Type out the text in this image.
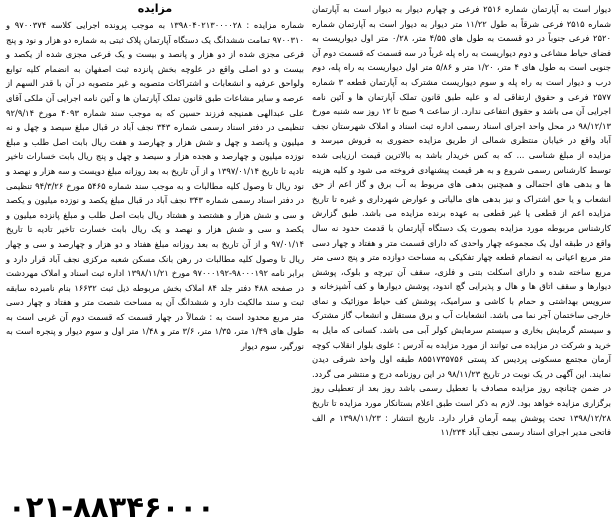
دیوار است به آپارتمان شماره ۲۵۱۶ فرعی و چهارم دیوار به دیوار است به آپارتمان شماره ۲۵۱۵ فرعی شرقاً به طول ۱۱/۲۲ متر دیوار به دیوار است به آپارتمان شماره ۲۵۲۰ فرعی جنوباً در دو قسمت به طول های ۴/۵۵ متر، ۰/۲۸ متر اول دیواریست به فضای حیاط مشاعی و دوم دیواریست به راه پله غرباً در سه قسمت که قسمت دوم آن جنوبی است به طول های ۴ متر، ۱/۲۰ متر و ۵/۸۶ متر اول دیواریست به راه پله، دوم درب و دیوار است به راه پله و سوم دیواریست مشترک به آپارتمان قطعه ۳ شماره ۲۵۷۷ فرعی و حقوق ارتفاقی له و علیه طبق قانون تملک آپارتمان ها و آئین نامه اجرایی آن می باشد و حقوق انتفاعی ندارد. از ساعت ۹ صبح تا ۱۲ روز سه شنبه مورخ ۹۸/۱۲/۱۳ در محل واحد اجرای اسناد رسمی اداره ثبت اسناد و املاک شهرستان نجف آباد واقع در خیابان منتظری شمالی از طریق مزایده حضوری به فروش میرسد و مزایده از مبلغ شناسی ... که به کس خریدار باشد به بالاترین قیمت ارزیابی شده توسط کارشناس رسمی شروع و به هر قیمت پیشنهادی فروخته می شود و کلیه هزینه ها و بدهی های احتمالی و همچنین بدهی های مربوط به آب برق و گاز اعم از حق انشعاب و یا حق اشتراک و نیز بدهی های مالیاتی و عوارض شهرداری و غیره تا تاریخ مزایده اعم از قطعی یا غیر قطعی به عهده برنده مزایده می باشد. طبق گزارش کارشناس مربوطه مورد مزایده بصورت یک دستگاه آپارتمان با قدمت حدود نه سال واقع در طبقه اول یک مجموعه چهار واحدی که دارای قسمت متر و هفتاد و چهار دسی متر مربع اعیانی به انضمام قطعه چهار تفکیکی به مساحت دوازده متر و پنج دسی متر مربع ساخته شده و دارای اسکلت بتنی و فلزی، سقف آن تیرچه و بلوک، پوشش دیوارها و سقف اتاق ها و هال و پذیرایی گچ اندود، پوشش دیوارها و کف آشپزخانه و سرویس بهداشتی و حمام با کاشی و سرامیک، پوشش کف حیاط موزائیک و نمای خارجی ساختمان آجر نما می باشد. انشعابات آب و برق مستقل و انشعاب گاز مشترک و سیستم گرمایش بخاری و سیستم سرمایش کولر آبی می باشد. کسانی که مایل به خرید و شرکت در مزایده می توانند از مورد مزایده به آدرس : علوی بلوار انقلاب کوچه آرمان مجتمع مسکونی پردیس کد پستی ۸۵۵۱۷۳۵۷۵۶ طبقه اول واحد شرقی دیدن نمایند. این آگهی در یک نوبت در تاریخ ۹۸/۱۱/۲۳ در این روزنامه درج و منتشر می گردد. در ضمن چنانچه روز مزایده مصادف با تعطیل رسمی باشد روز بعد از تعطیلی روز برگزاری مزایده خواهد بود. لازم به ذکر است طبق اعلام بستانکار مورد مزایده تا تاریخ ۱۳۹۸/۱۲/۲۸ تحت پوشش بیمه آرمان قرار دارد. تاریخ انتشار : ۱۳۹۸/۱۱/۲۳ م الف فاتحی مدیر اجرای اسناد رسمی نجف آباد ۱۱/۲۳۴

مزایده

شماره مزایده : ۱۳۹۸۰۴۰۲۱۳۰۰۰۰۲۸ به موجب پرونده اجرایی کلاسه ۹۷۰۰۳۷۴ و ۹۷۰۰۳۱۰ تمامت ششدانگ یک دستگاه آپارتمان پلاک ثبتی به شماره دو هزار و نود و پنج فرعی مجزی شده از دو هزار و پانصد و بیست و یک فرعی مجزی شده از یکصد و بیست و دو اصلی واقع در علوچه بخش پانزده ثبت اصفهان به انضمام کلیه توابع ولواحق عرفیه و انشعابات و اشتراکات متصوبه و غیر متصوبه در آن با قدر السهم از عرصه و سایر مشاعات طبق قانون تملک آپارتمان ها و آئین نامه اجرایی آن ملکی آقای علی عبدالهی همنیجه فرزند حسین که به موجب سند شماره ۴۰۹۳ مورخ ۹۲/۹/۱۴ تنظیمی در دفتر اسناد رسمی شماره ۳۴۳ نجف آباد در قبال مبلغ سیصد و چهل و نه میلیون و پانصد و چهل و شش هزار و چهارصد و هفت ریال بابت اصل طلب و مبلغ نوزده میلیون و چهارصد و هجده هزار و سیصد و چهل و پنج ریال بابت خسارات تاخیر تادیه تا تاریخ ۱۳۹۷/۰۱/۱۴ و از آن تاریخ به بعد روزانه مبلغ دویست و سه هزار و نهصد و نود ریال تا وصول کلیه مطالبات و به موجب سند شماره ۵۴۶۵ مورخ ۹۴/۳/۲۶ تنظیمی در دفتر اسناد رسمی شماره ۳۴۳ نجف آباد در قبال مبلغ یکصد و نوزده میلیون و یکصد و سی و شش هزار و هشتصد و هشتاد ریال بابت اصل طلب و مبلغ پانزده میلیون و یکصد و سی و شش هزار و نهصد و یک ریال بابت خسارت تاخیر تادیه تا تاریخ ۹۷/۰۱/۱۴ و از آن تاریخ به بعد روزانه مبلغ هفتاد و دو هزار و چهارصد و سی و چهار ریال تا وصول کلیه مطالبات در رهن بانک مسکن شعبه مرکزی نجف آباد قرار دارد و برابر نامه ۹۸۰۰۰۱۹۲-۹۷۰۰۰۱۹۲ مورخ ۱۳۹۸/۱۱/۲۱ اداره ثبت اسناد و املاک مهردشت در صفحه ۴۸۸ دفتر جلد ۸۴ املاک بخش مربوطه ذیل ثبت ۱۶۶۳۲ بنام نامبرده سابقه ثبت و سند مالکیت دارد و ششدانگ آن به مساحت شصت متر و هفتاد و چهار دسی متر مربع محدود است به : شمالاً در چهار قسمت که قسمت دوم آن غربی است به طول های ۱/۴۹ متر، ۱/۳۵ متر، ۳/۶ متر و ۱/۴۸ متر اول و سوم دیوار و پنجره است به نورگیر، سوم دیوار

۰۲۱-۸۸۳۴۶۰۰۰
